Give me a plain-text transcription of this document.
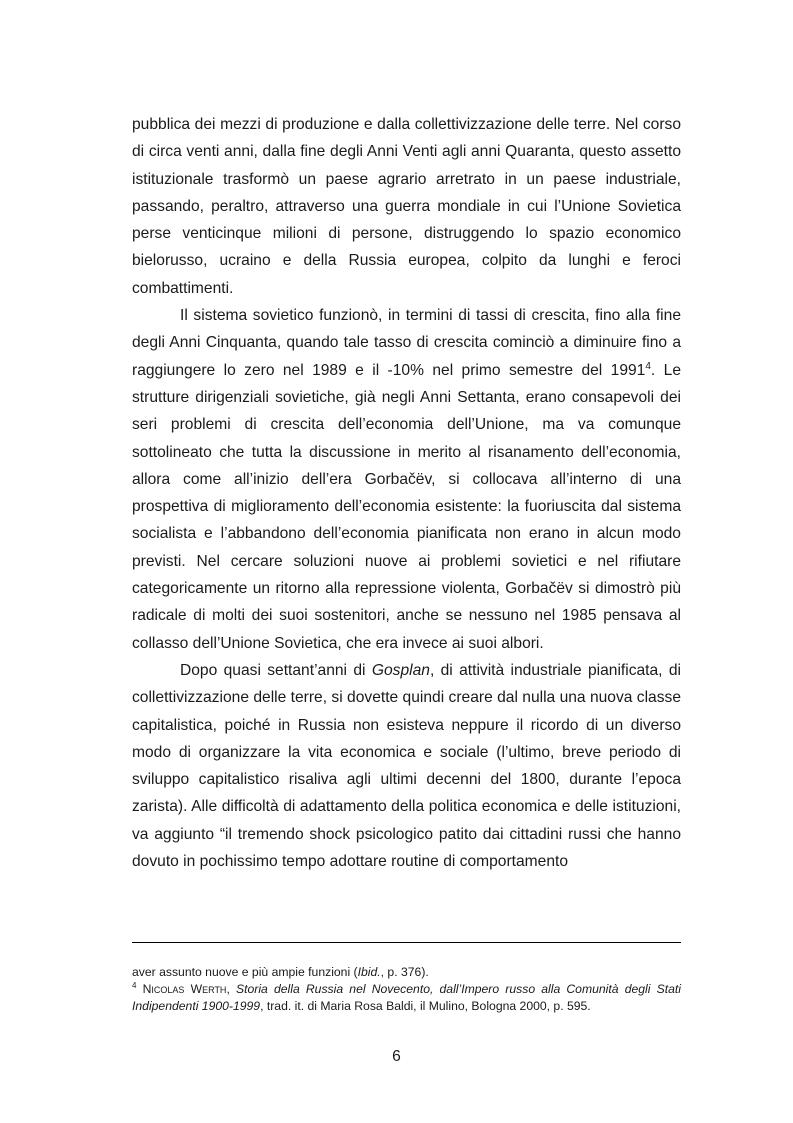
pubblica dei mezzi di produzione e dalla collettivizzazione delle terre. Nel corso di circa venti anni, dalla fine degli Anni Venti agli anni Quaranta, questo assetto istituzionale trasformò un paese agrario arretrato in un paese industriale, passando, peraltro, attraverso una guerra mondiale in cui l’Unione Sovietica perse venticinque milioni di persone, distruggendo lo spazio economico bielorusso, ucraino e della Russia europea, colpito da lunghi e feroci combattimenti.

Il sistema sovietico funzionò, in termini di tassi di crescita, fino alla fine degli Anni Cinquanta, quando tale tasso di crescita cominciò a diminuire fino a raggiungere lo zero nel 1989 e il -10% nel primo semestre del 1991$^4$. Le strutture dirigenziali sovietiche, già negli Anni Settanta, erano consapevoli dei seri problemi di crescita dell’economia dell’Unione, ma va comunque sottolineato che tutta la discussione in merito al risanamento dell’economia, allora come all’inizio dell’era Gorbačëv, si collocava all’interno di una prospettiva di miglioramento dell’economia esistente: la fuoriuscita dal sistema socialista e l’abbandono dell’economia pianificata non erano in alcun modo previsti. Nel cercare soluzioni nuove ai problemi sovietici e nel rifiutare categoricamente un ritorno alla repressione violenta, Gorbačëv si dimostrò più radicale di molti dei suoi sostenitori, anche se nessuno nel 1985 pensava al collasso dell’Unione Sovietica, che era invece ai suoi albori.

Dopo quasi settant’anni di Gosplan, di attività industriale pianificata, di collettivizzazione delle terre, si dovette quindi creare dal nulla una nuova classe capitalistica, poiché in Russia non esisteva neppure il ricordo di un diverso modo di organizzare la vita economica e sociale (l’ultimo, breve periodo di sviluppo capitalistico risaliva agli ultimi decenni del 1800, durante l’epoca zarista). Alle difficoltà di adattamento della politica economica e delle istituzioni, va aggiunto “il tremendo shock psicologico patito dai cittadini russi che hanno dovuto in pochissimo tempo adottare routine di comportamento

aver assunto nuove e più ampie funzioni (Ibid., p. 376).

$^4$ Nicolas Werth, Storia della Russia nel Novecento, dall’Impero russo alla Comunità degli Stati Indipendenti 1900-1999, trad. it. di Maria Rosa Baldi, il Mulino, Bologna 2000, p. 595.

6
